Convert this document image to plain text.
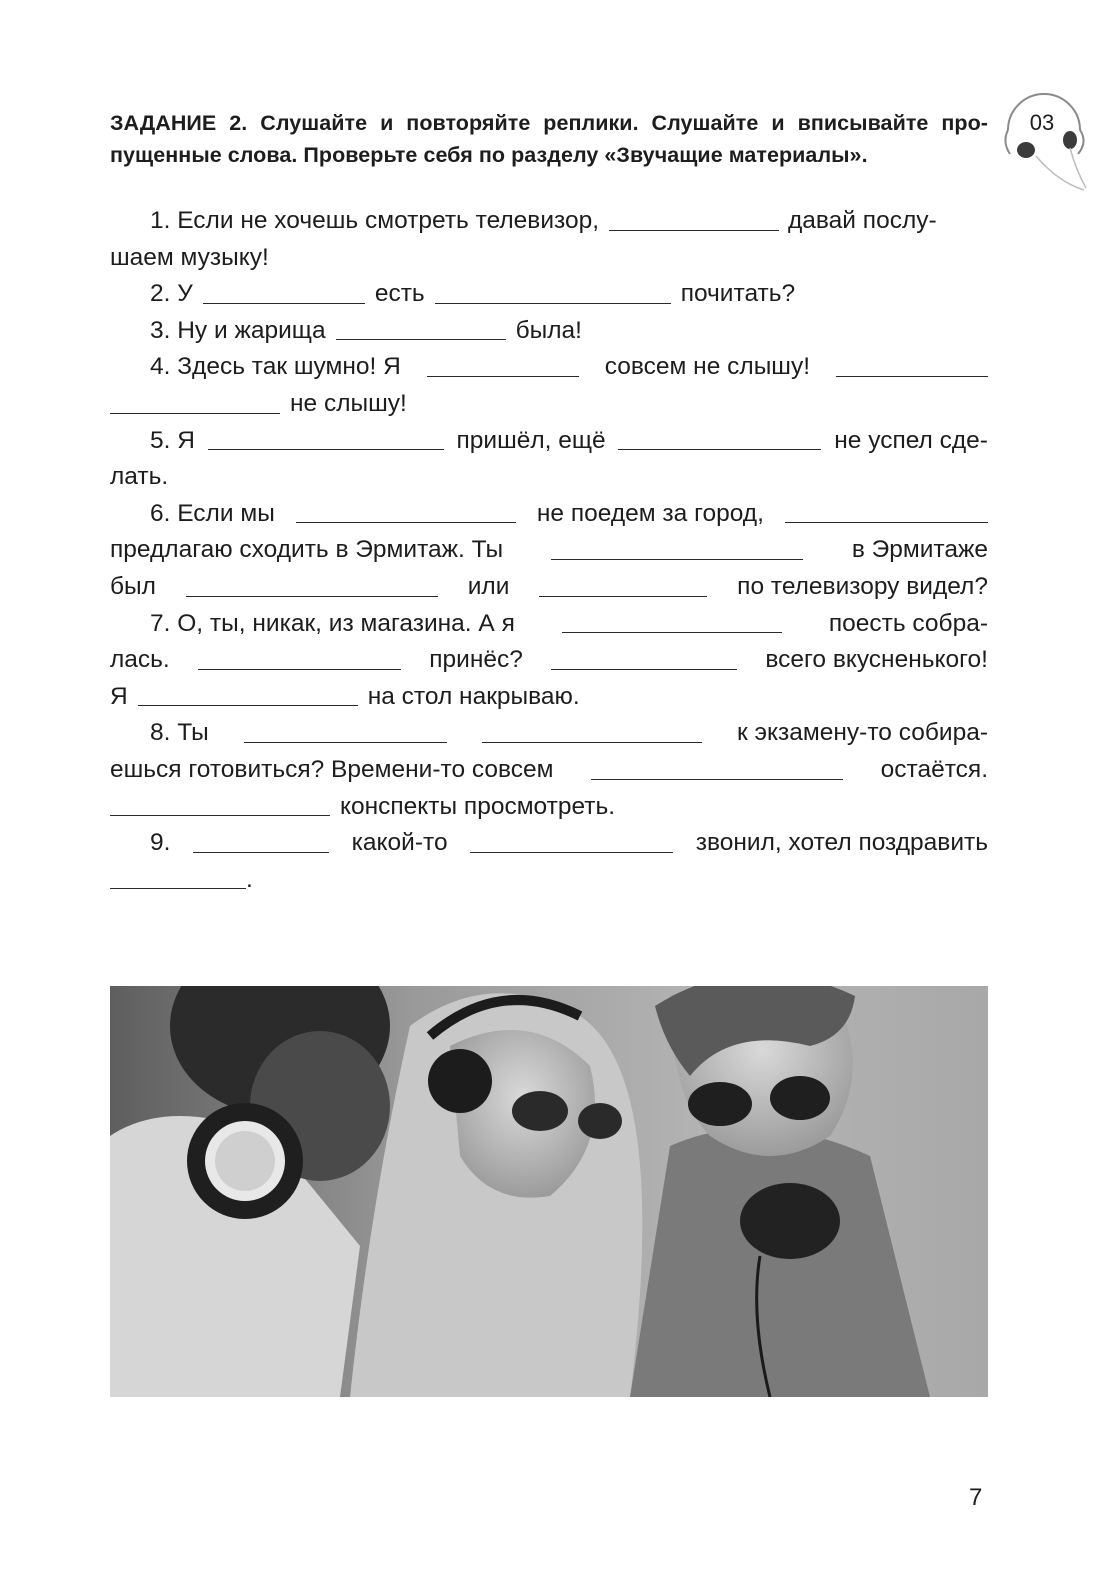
ЗАДАНИЕ 2. Слушайте и повторяйте реплики. Слушайте и вписывайте про-
пущенные слова. Проверьте себя по разделу «Звучащие материалы».
03
1. Если не хочешь смотреть телевизор,	давай послу-
шаем музыку!
2. У	есть	почитать?
3. Ну и жарища	была!
4. Здесь так шумно! Я	совсем не слышу!
не слышу!
5. Я	пришёл, ещё	не успел сде-
лать.
6. Если мы	не поедем за город,
предлагаю сходить в Эрмитаж. Ты	в Эрмитаже
был	или	по телевизору видел?
7. О, ты, никак, из магазина. А я	поесть собра-
лась.	принёс?	всего вкусненького!
Я	на стол накрываю.
8. Ты	к экзамену-то собира-
ешься готовиться? Времени-то совсем	остаётся.
конспекты просмотреть.
9.	какой-то	звонил, хотел поздравить
.
7
